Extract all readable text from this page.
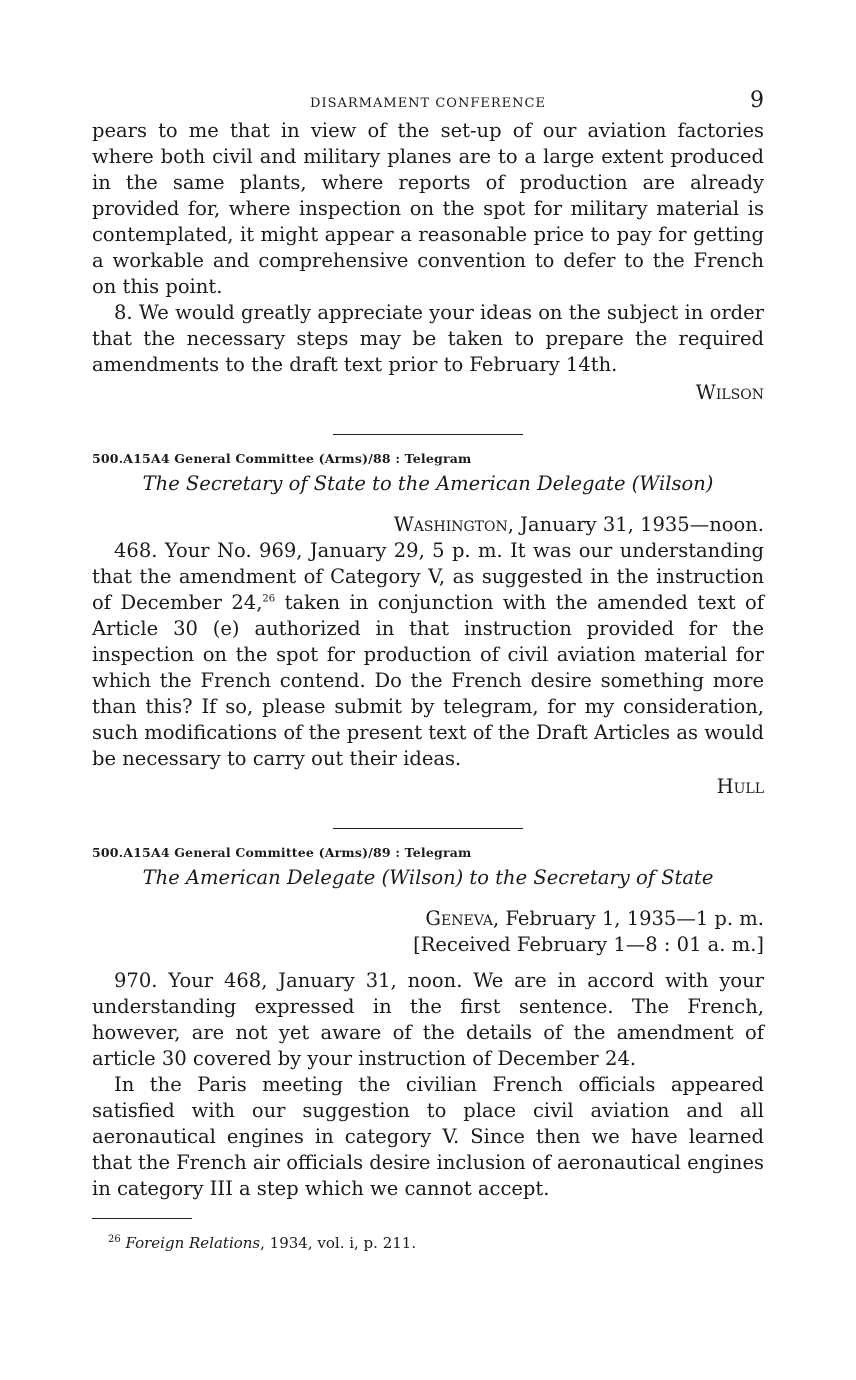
DISARMAMENT CONFERENCE	9

pears to me that in view of the set-up of our aviation factories where both civil and military planes are to a large extent produced in the same plants, where reports of production are already provided for, where inspection on the spot for military material is contemplated, it might appear a reasonable price to pay for getting a workable and comprehensive convention to defer to the French on this point.

8. We would greatly appreciate your ideas on the subject in order that the necessary steps may be taken to prepare the required amendments to the draft text prior to February 14th.

Wilson
500.A15A4 General Committee (Arms)/88 : Telegram
The Secretary of State to the American Delegate (Wilson)
Washington, January 31, 1935—noon.

468. Your No. 969, January 29, 5 p. m. It was our understanding that the amendment of Category V, as suggested in the instruction of December 24,26 taken in conjunction with the amended text of Article 30 (e) authorized in that instruction provided for the inspection on the spot for production of civil aviation material for which the French contend. Do the French desire something more than this? If so, please submit by telegram, for my consideration, such modifications of the present text of the Draft Articles as would be necessary to carry out their ideas.

Hull
500.A15A4 General Committee (Arms)/89 : Telegram
The American Delegate (Wilson) to the Secretary of State
Geneva, February 1, 1935—1 p. m.
[Received February 1—8 : 01 a. m.]

970. Your 468, January 31, noon. We are in accord with your understanding expressed in the first sentence. The French, however, are not yet aware of the details of the amendment of article 30 covered by your instruction of December 24.

In the Paris meeting the civilian French officials appeared satisfied with our suggestion to place civil aviation and all aeronautical engines in category V. Since then we have learned that the French air officials desire inclusion of aeronautical engines in category III a step which we cannot accept.

$^{26}$ Foreign Relations, 1934, vol. i, p. 211.
